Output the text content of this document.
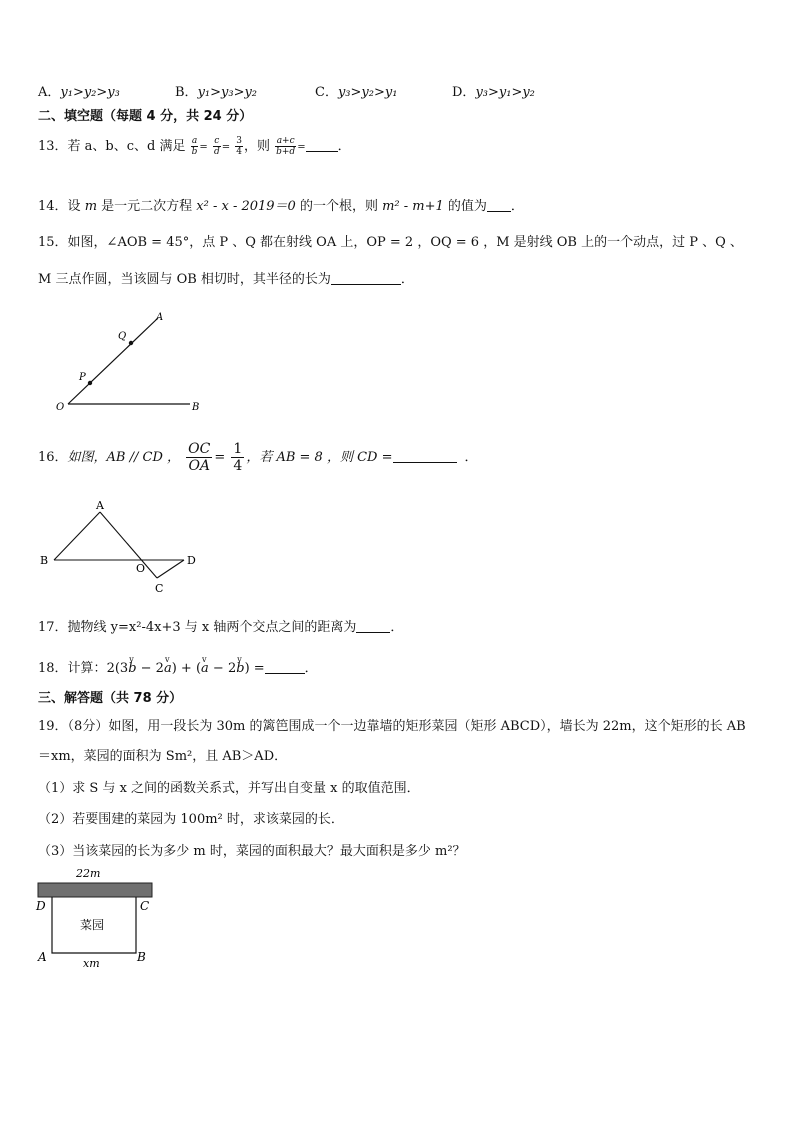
A．y₁>y₂>y₃	B．y₁>y₃>y₂	C．y₃>y₂>y₁	D．y₃>y₁>y₂
二、填空题（每题 4 分，共 24 分）
13．若 a、b、c、d 满足 $\frac{a}{b} = \frac{c}{d} = \frac{3}{4}$ ，则 $\frac{a+c}{b+d}$ = ．
14．设 m 是一元二次方程 x² - x - 2019＝0 的一个根，则 m² - m+1 的值为 ．
15．如图，∠AOB = 45°，点 P 、Q 都在射线 OA 上，OP = 2 ，OQ = 6 ，M 是射线 OB 上的一个动点，过 P 、Q 、
M 三点作圆，当该圆与 OB 相切时，其半径的长为	．
A
Q
P
O	B
16．如图，AB // CD ， $\frac{OC}{OA} = \frac{1}{4}$ ，若 AB = 8 ，则 CD =	．
A
B
O
D
C
17．抛物线 y=x²-4x+3 与 x 轴两个交点之间的距离为	．
18．计算：2(3v b − 2v a) + (v a − 2v b) =	．
三、解答题（共 78 分）
19．（8分）如图，用一段长为 30m 的篱笆围成一个一边靠墙的矩形菜园（矩形 ABCD），墙长为 22m，这个矩形的长 AB
＝xm，菜园的面积为 Sm²，且 AB＞AD．
（1）求 S 与 x 之间的函数关系式，并写出自变量 x 的取值范围．
（2）若要围建的菜园为 100m² 时，求该菜园的长．
（3）当该菜园的长为多少 m 时，菜园的面积最大？最大面积是多少 m²？
22m
D	C
菜园
A	B
xm
